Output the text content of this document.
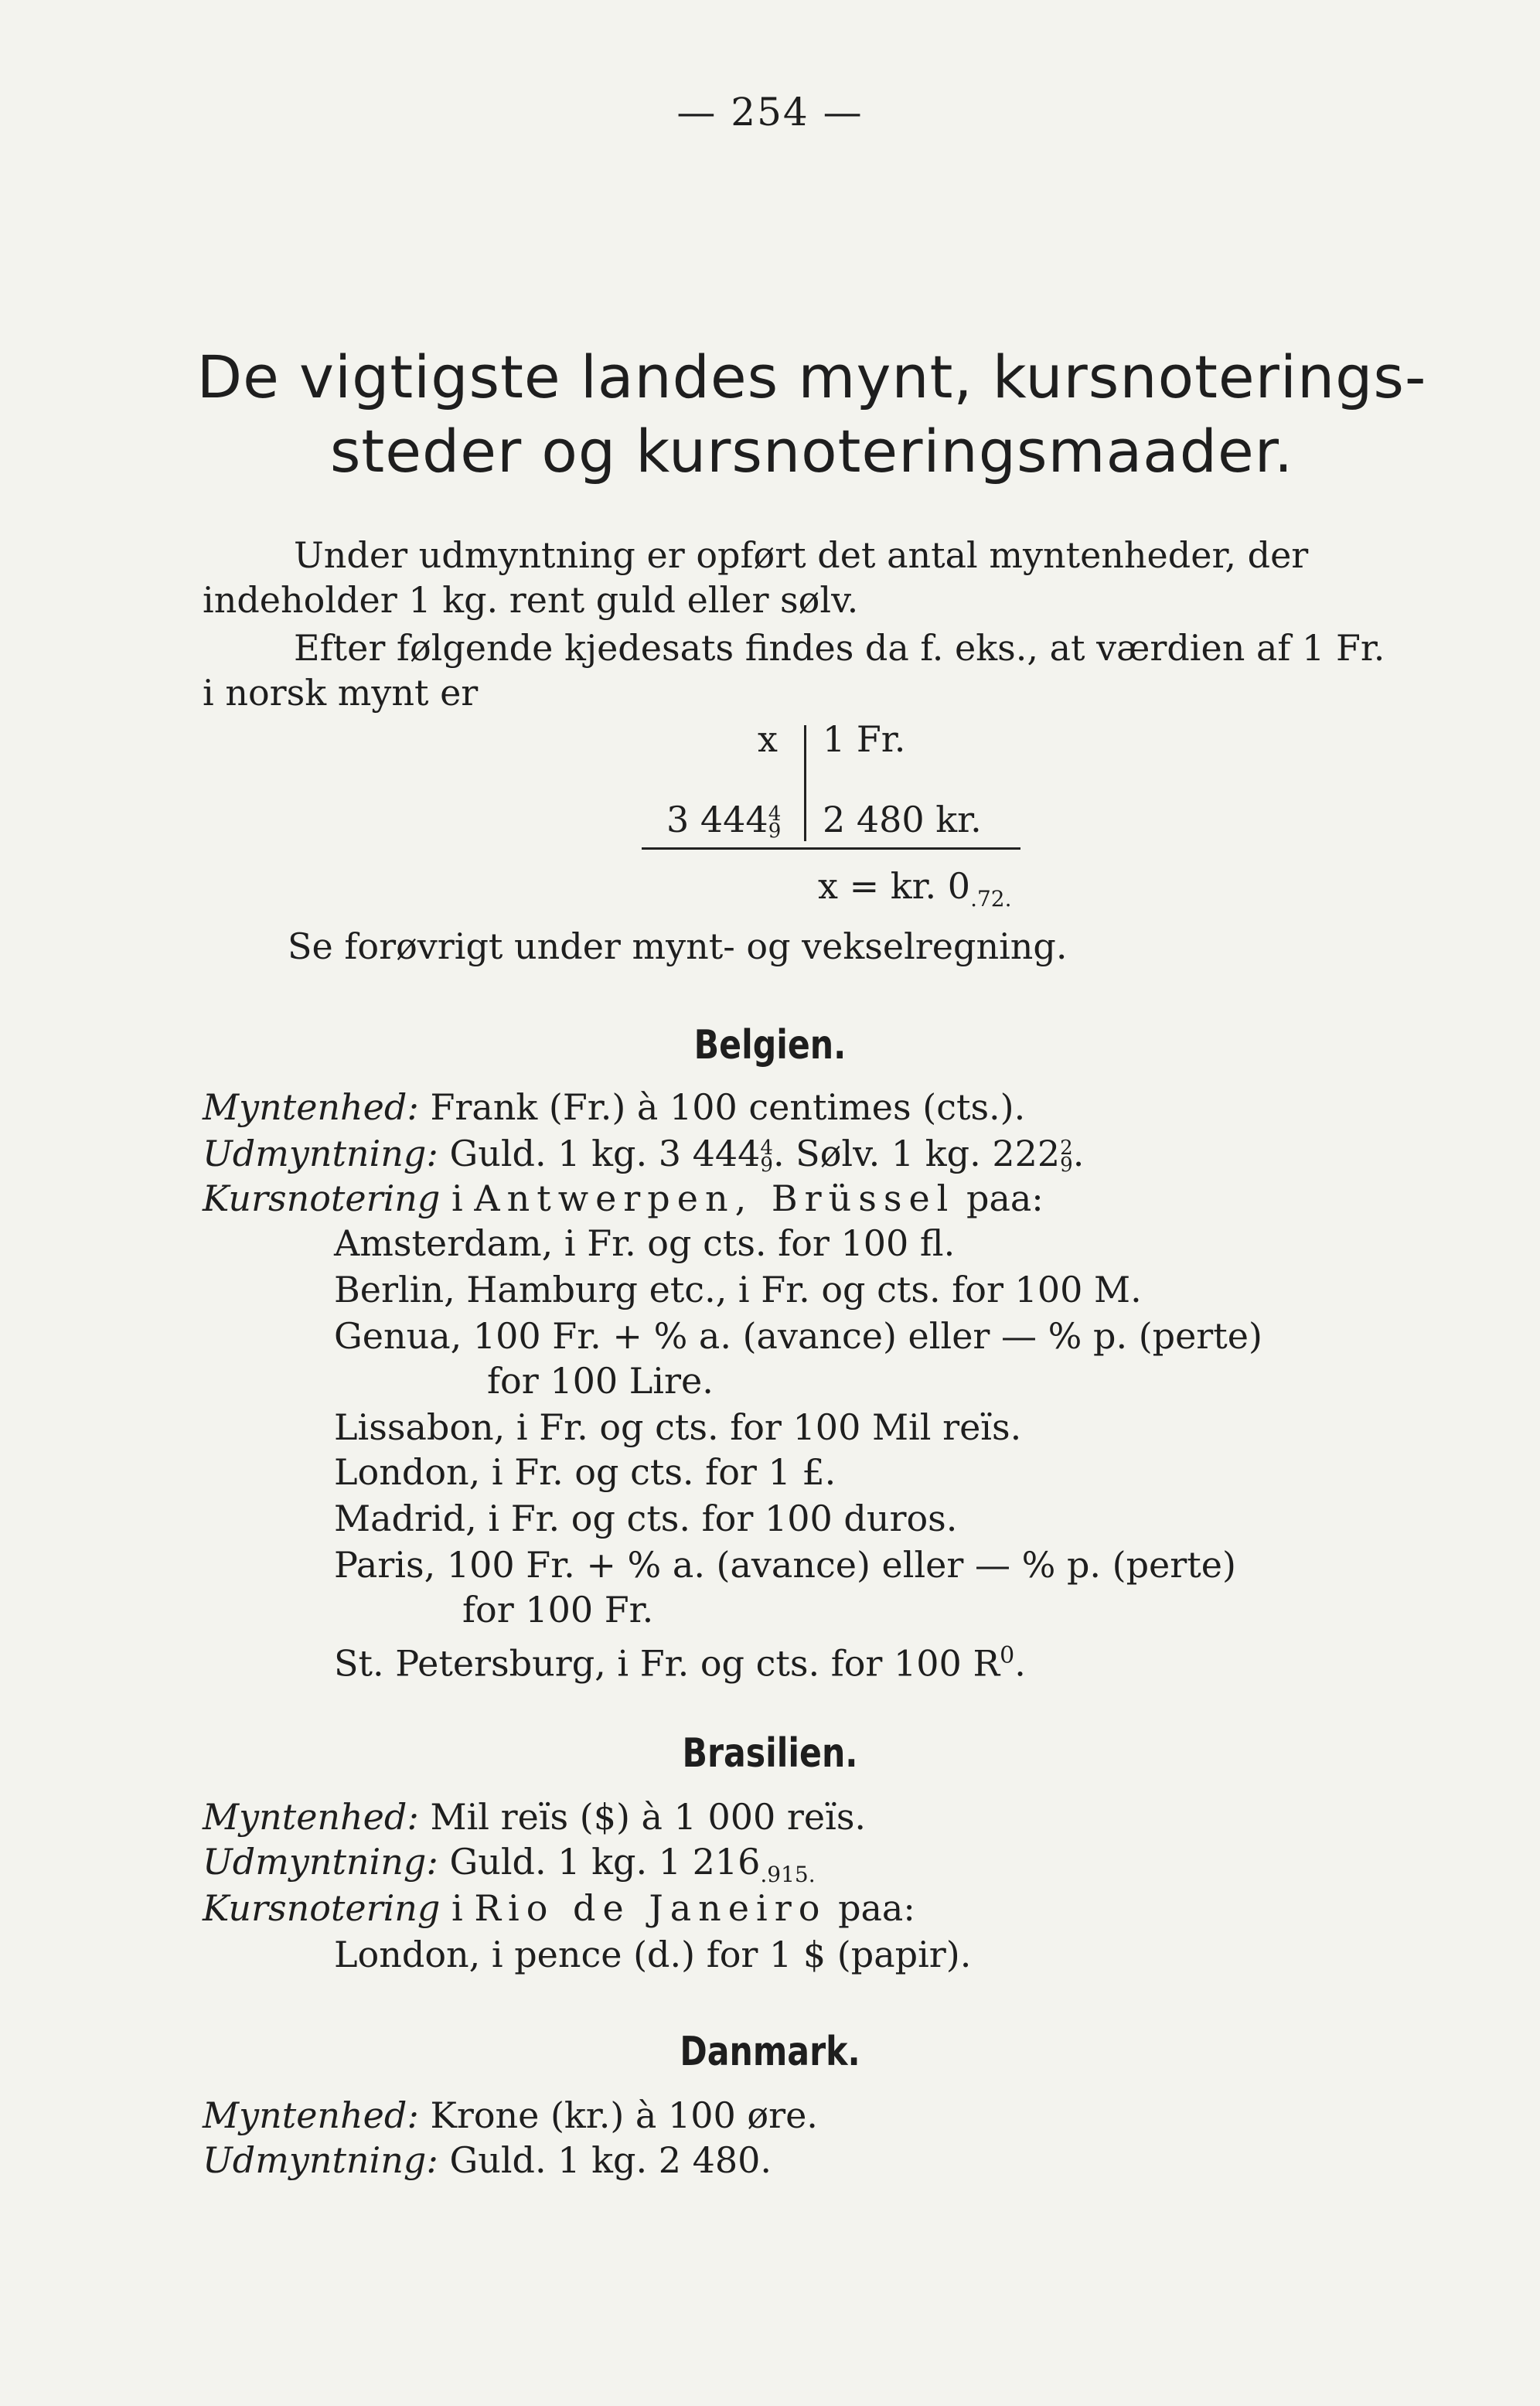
— 254 —
De vigtigste landes mynt, kursnoterings-
steder og kursnoteringsmaader.
Under udmyntning er opført det antal myntenheder, der
indeholder 1 kg. rent guld eller sølv.
Efter følgende kjedesats findes da f. eks., at værdien af 1 Fr.
i norsk mynt er
x 1 Fr.
3 4444
9 2 480 kr.
x = kr. $0_{.72.}$
Se forøvrigt under mynt- og vekselregning.
Belgien.
Myntenhed: Frank (Fr.) à 100 centimes (cts.).
Udmyntning: Guld. 1 kg. 3 4444
9. Sølv. 1 kg. 2222
9.
Kursnotering i Antwerpen, Brüssel paa:
Amsterdam, i Fr. og cts. for 100 fl.
Berlin, Hamburg etc., i Fr. og cts. for 100 M.
Genua, 100 Fr. + % a. (avance) eller — % p. (perte)
for 100 Lire.
Lissabon, i Fr. og cts. for 100 Mil reïs.
London, i Fr. og cts. for 1 £.
Madrid, i Fr. og cts. for 100 duros.
Paris, 100 Fr. + % a. (avance) eller — % p. (perte)
for 100 Fr.
St. Petersburg, i Fr. og cts. for 100 $R^0$.
Brasilien.
Myntenhed: Mil reïs ($) à 1 000 reïs.
Udmyntning: Guld. 1 kg. 1 $216_{.915.}$
Kursnotering i Rio de Janeiro paa:
London, i pence (d.) for 1 $ (papir).
Danmark.
Myntenhed: Krone (kr.) à 100 øre.
Udmyntning: Guld. 1 kg. 2 480.
